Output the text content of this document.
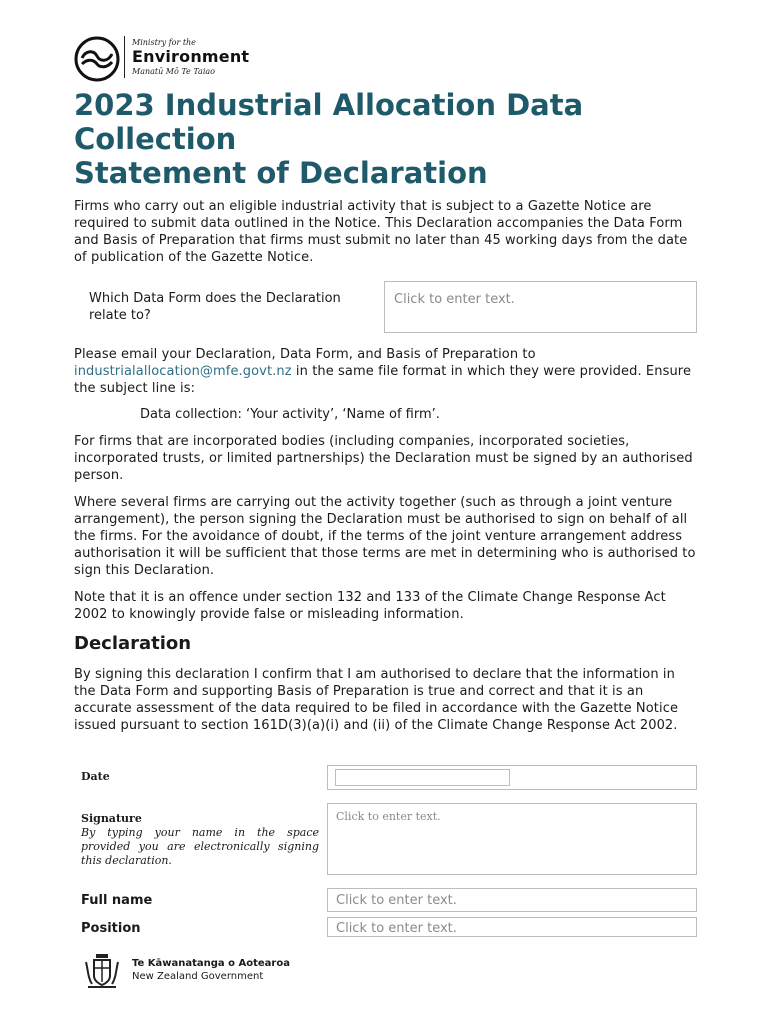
Ministry for the
Environment
Manatū Mō Te Taiao
2023 Industrial Allocation Data
Collection
Statement of Declaration

Firms who carry out an eligible industrial activity that is subject to a Gazette Notice are required to submit data outlined in the Notice. This Declaration accompanies the Data Form and Basis of Preparation that firms must submit no later than 45 working days from the date of publication of the Gazette Notice.

Which Data Form does the Declaration relate to?
Click to enter text.

Please email your Declaration, Data Form, and Basis of Preparation to industrialallocation@mfe.govt.nz in the same file format in which they were provided. Ensure the subject line is:

Data collection: ‘Your activity’, ‘Name of firm’.

For firms that are incorporated bodies (including companies, incorporated societies, incorporated trusts, or limited partnerships) the Declaration must be signed by an authorised person.

Where several firms are carrying out the activity together (such as through a joint venture arrangement), the person signing the Declaration must be authorised to sign on behalf of all the firms. For the avoidance of doubt, if the terms of the joint venture arrangement address authorisation it will be sufficient that those terms are met in determining who is authorised to sign this Declaration.

Note that it is an offence under section 132 and 133 of the Climate Change Response Act 2002 to knowingly provide false or misleading information.

Declaration

By signing this declaration I confirm that I am authorised to declare that the information in the Data Form and supporting Basis of Preparation is true and correct and that it is an accurate assessment of the data required to be filed in accordance with the Gazette Notice issued pursuant to section 161D(3)(a)(i) and (ii) of the Climate Change Response Act 2002.

Date
Signature
By typing your name in the space provided you are electronically signing this declaration.
Click to enter text.
Full name	Click to enter text.
Position	Click to enter text.
Te Kāwanatanga o Aotearoa
New Zealand Government
